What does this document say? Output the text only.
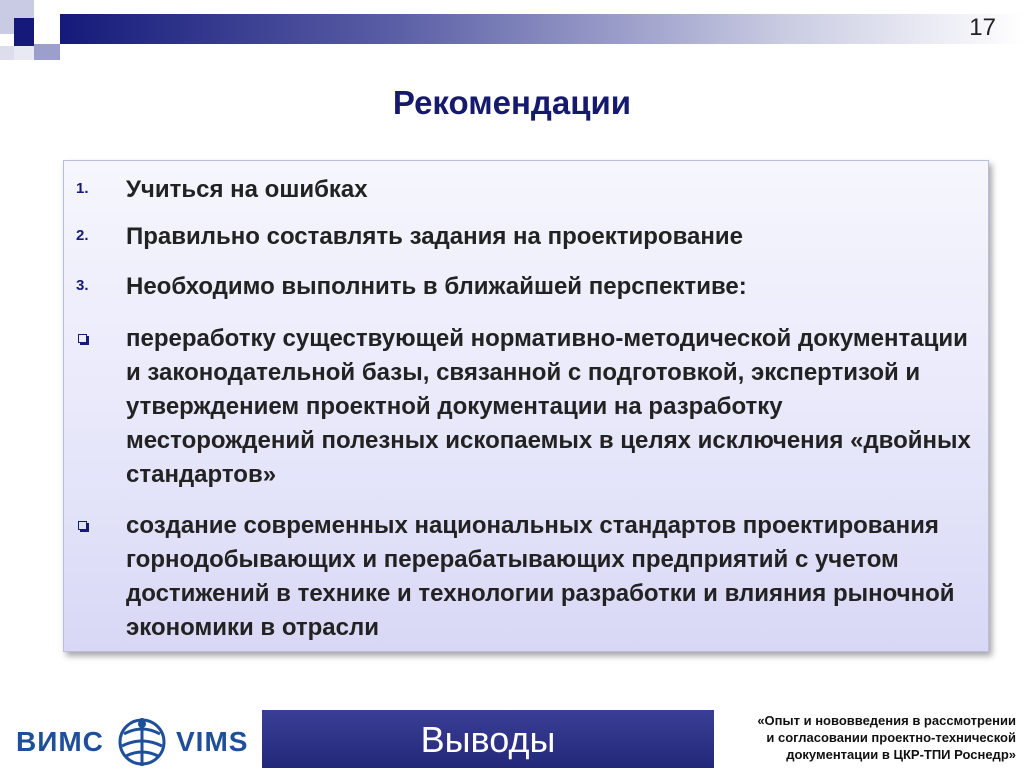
17
Рекомендации
1. Учиться на ошибках
2. Правильно составлять задания на проектирование
3. Необходимо выполнить в ближайшей перспективе:
переработку существующей нормативно-методической документации и законодательной базы, связанной с подготовкой, экспертизой и утверждением проектной документации на разработку месторождений полезных ископаемых в целях исключения «двойных стандартов»
создание современных национальных стандартов проектирования горнодобывающих и перерабатывающих предприятий с учетом достижений в технике и технологии разработки и влияния рыночной экономики в отрасли
ВИМС	VIMS	Выводы	«Опыт и нововведения в рассмотрении
и согласовании проектно-технической
документации в ЦКР-ТПИ Роснедр»
